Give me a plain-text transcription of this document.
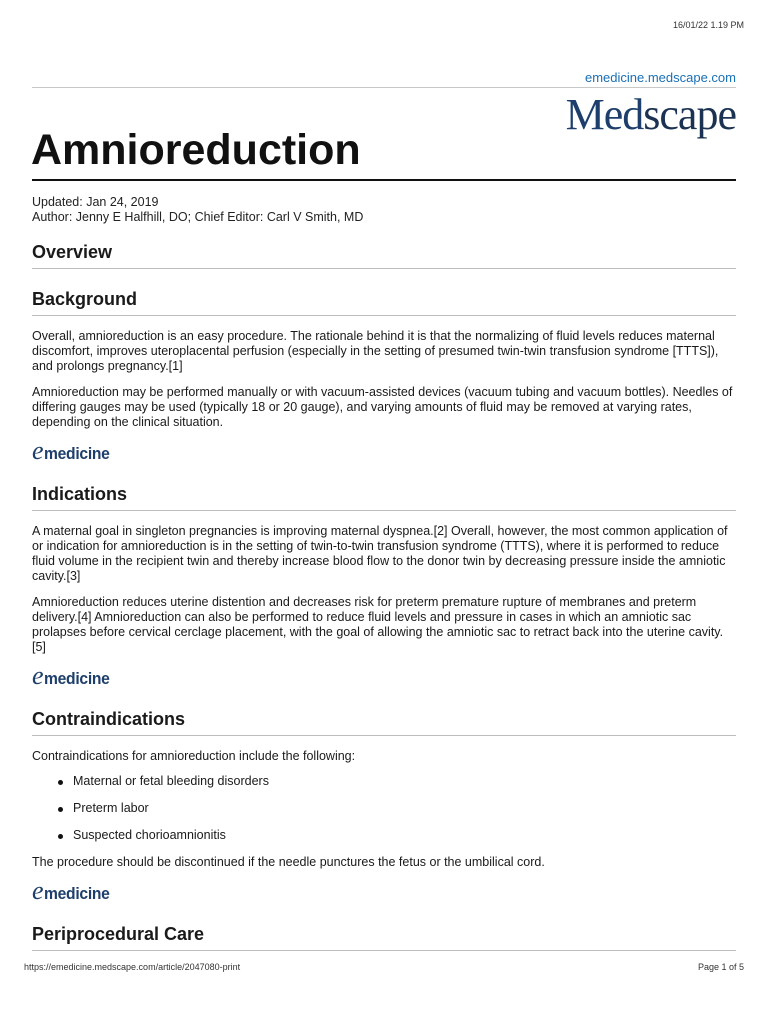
16/01/22 1.19 PM
emedicine.medscape.com
Medscape
Amnioreduction
Updated: Jan 24, 2019
Author: Jenny E Halfhill, DO; Chief Editor: Carl V Smith, MD
Overview
Background

Overall, amnioreduction is an easy procedure. The rationale behind it is that the normalizing of fluid levels reduces maternal discomfort, improves uteroplacental perfusion (especially in the setting of presumed twin-twin transfusion syndrome [TTTS]), and prolongs pregnancy.[1]

Amnioreduction may be performed manually or with vacuum-assisted devices (vacuum tubing and vacuum bottles). Needles of differing gauges may be used (typically 18 or 20 gauge), and varying amounts of fluid may be removed at varying rates, depending on the clinical situation.

emedicine
Indications

A maternal goal in singleton pregnancies is improving maternal dyspnea.[2] Overall, however, the most common application of or indication for amnioreduction is in the setting of twin-to-twin transfusion syndrome (TTTS), where it is performed to reduce fluid volume in the recipient twin and thereby increase blood flow to the donor twin by decreasing pressure inside the amniotic cavity.[3]

Amnioreduction reduces uterine distention and decreases risk for preterm premature rupture of membranes and preterm delivery.[4] Amnioreduction can also be performed to reduce fluid levels and pressure in cases in which an amniotic sac prolapses before cervical cerclage placement, with the goal of allowing the amniotic sac to retract back into the uterine cavity.[5]

emedicine
Contraindications

Contraindications for amnioreduction include the following:

Maternal or fetal bleeding disorders
Preterm labor
Suspected chorioamnionitis

The procedure should be discontinued if the needle punctures the fetus or the umbilical cord.

emedicine
Periprocedural Care
https://emedicine.medscape.com/article/2047080-print	Page 1 of 5
